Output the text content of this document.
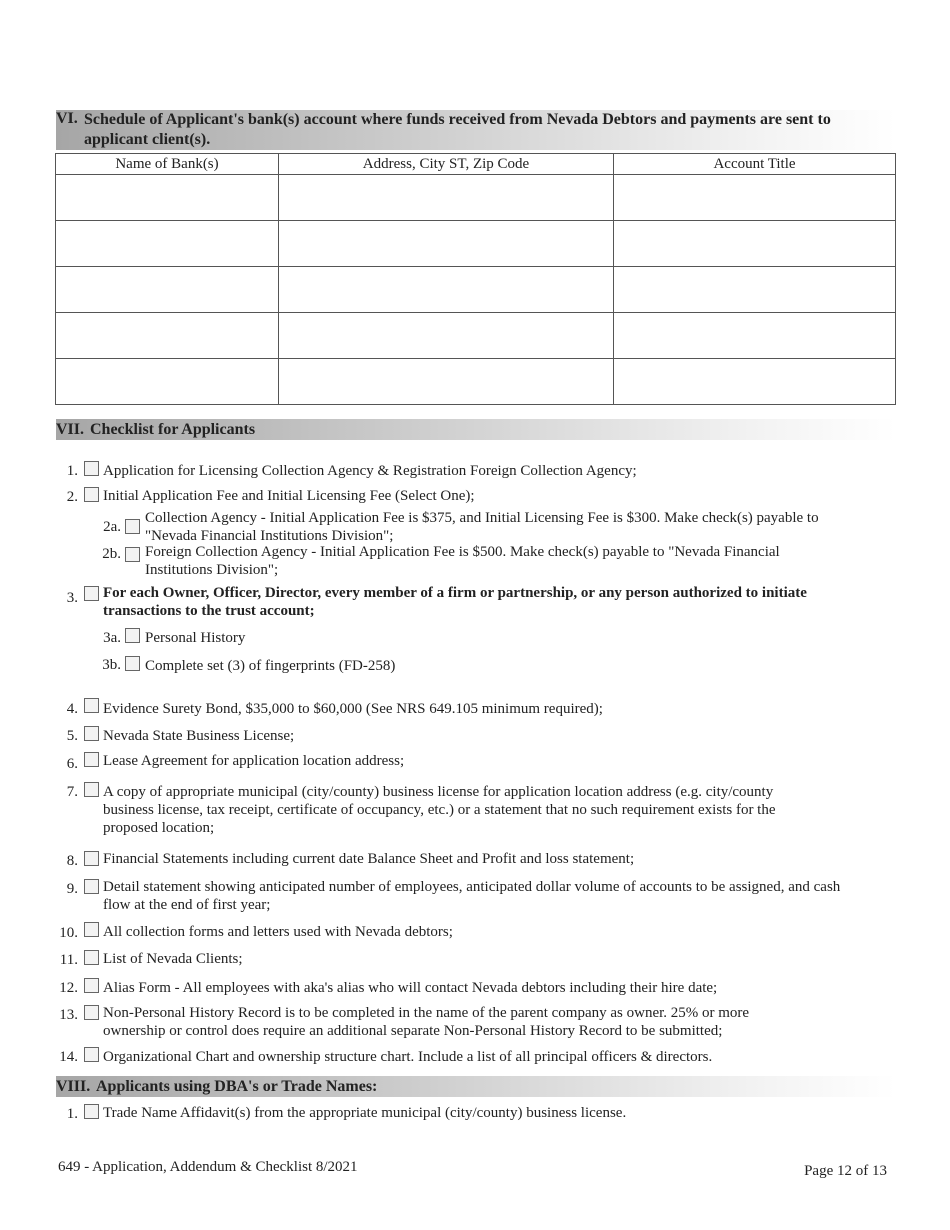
VI. Schedule of Applicant's bank(s) account where funds received from Nevada Debtors and payments are sent to applicant client(s).
Name of Bank(s)	Address, City ST, Zip Code	Account Title

VII. Checklist for Applicants
1. Application for Licensing Collection Agency & Registration Foreign Collection Agency;
2. Initial Application Fee and Initial Licensing Fee (Select One);
2a.
Collection Agency - Initial Application Fee is $375, and Initial Licensing Fee is $300. Make check(s) payable to "Nevada Financial Institutions Division";
2b. Foreign Collection Agency - Initial Application Fee is $500. Make check(s) payable to "Nevada Financial Institutions Division";
3. For each Owner, Officer, Director, every member of a firm or partnership, or any person authorized to initiate transactions to the trust account;
3a. Personal History
3b. Complete set (3) of fingerprints (FD-258)
4. Evidence Surety Bond, $35,000 to $60,000 (See NRS 649.105 minimum required);
5. Nevada State Business License;
6. Lease Agreement for application location address;
7. A copy of appropriate municipal (city/county) business license for application location address (e.g. city/county business license, tax receipt, certificate of occupancy, etc.) or a statement that no such requirement exists for the proposed location;
8. Financial Statements including current date Balance Sheet and Profit and loss statement;
9. Detail statement showing anticipated number of employees, anticipated dollar volume of accounts to be assigned, and cash flow at the end of first year;
10. All collection forms and letters used with Nevada debtors;
11. List of Nevada Clients;
12. Alias Form - All employees with aka's alias who will contact Nevada debtors including their hire date;
13. Non-Personal History Record is to be completed in the name of the parent company as owner. 25% or more ownership or control does require an additional separate Non-Personal History Record to be submitted;
14. Organizational Chart and ownership structure chart. Include a list of all principal officers & directors.
VIII. Applicants using DBA's or Trade Names:
1. Trade Name Affidavit(s) from the appropriate municipal (city/county) business license.
649 - Application, Addendum & Checklist 8/2021	Page 12 of 13
